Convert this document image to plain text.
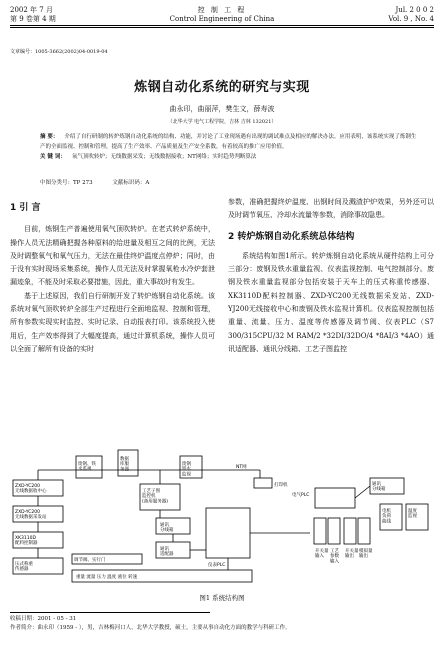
2002 年 7 月
第 9 卷第 4 期
控 制 工 程
Control Engineering of China
Jul. 2 0 0 2
Vol. 9 , No. 4
文章编号：1005-3662(2002)04-0019-04
炼钢自动化系统的研究与实现
曲永印，曲丽萍，樊生文，薛寿波
（北华大学 电气工程学院，吉林 吉林 132021）
摘 要： 介绍了自行研制的转炉炼钢自动化系统的结构、功能，并讨论了工业现场遇有出现的调试难点及相应的解决办法。应用表明，该系统实现了炼钢生产的全面监视、控制和管理，提高了生产效率、产品质量及生产安全系数，有着较高的推广应用价值。
关 键 词： 氧气顶吹转炉；无线数据采发；无线数据接收；NT网络；实时趋势判断算法
中图分类号：TP 273	文献标识码：A
1 引 言
目前，炼钢生产普遍使用氧气顶吹转炉。在老式转炉系统中，操作人员无法精确把握各种原料的给进量及相互之间的比例，无法及时调整氧气和氧气压力，无法在最佳终炉温度点停炉；同时，由于没有实时现场采集系统，操作人员无法及时掌握氧枪水冷炉套泄漏迹象，不能及时采取必要措施，因此，重大事故时有发生。
基于上述原因，我们自行研制开发了转炉炼钢自动化系统。该系统对氧气顶吹转炉全部生产过程进行全面地监视、控制和管理，所有参数实现实时监控、实时记录、自动报表打印。该系统投入使用后，生产效率得到了大幅度提高，通过计算机系统，操作人员可以全面了解所有设备的实时
参数，准确把握终炉温度、出钢时间及溅渣护炉效果，另外还可以及时调节氧压、冷却水流量等参数，消除事故隐患。
2 转炉炼钢自动化系统总体结构
系统结构如图1所示。转炉炼钢自动化系统从硬件结构上可分三部分：废钢及铁水重量监视、仪表监视控制、电气控制部分。废钢及铁水重量监视部分包括安装于天车上的压式称重传感器、XK3110D配料控制器、ZXD-YC200无线数据采发站、ZXD-YJ200无线接收中心和废钢及铁水监视计算机。仪表监视控制包括重量、流量、压力、温度等传感器及调节阀、仪表PLC（S7 300/315CPU/32 M RAM/2 *32DI/32DO/4 *8AI/3 *4AO）通讯适配器、通讯分线箱、工艺子图监控
ZXD-YC200 无线数据收中心
ZXD-YC200 无线数据采发站
XK3110D 配料控制器
压式称重传感器
废钢、铁水监视
数据库服务器
废钢铁水监视
工艺子图监控机(备用服务器)
NT网
打印机
通讯分线箱
通讯适配器
仪表PLC
电气PLC
通讯分线箱
电机负荷曲线
温度监视
调节阀、实行门
重量 流量 压力 温度 液位 转速
开关量输入
工艺参数输入
开关量输出
模拟量输出
图1 系统结构图
收稿日期：2001 - 05 - 31
作者简介：曲永印（1959 - ），男，吉林梅河口人，北华大学教授，硕士，主要从事自动化方面的教学与科研工作。
